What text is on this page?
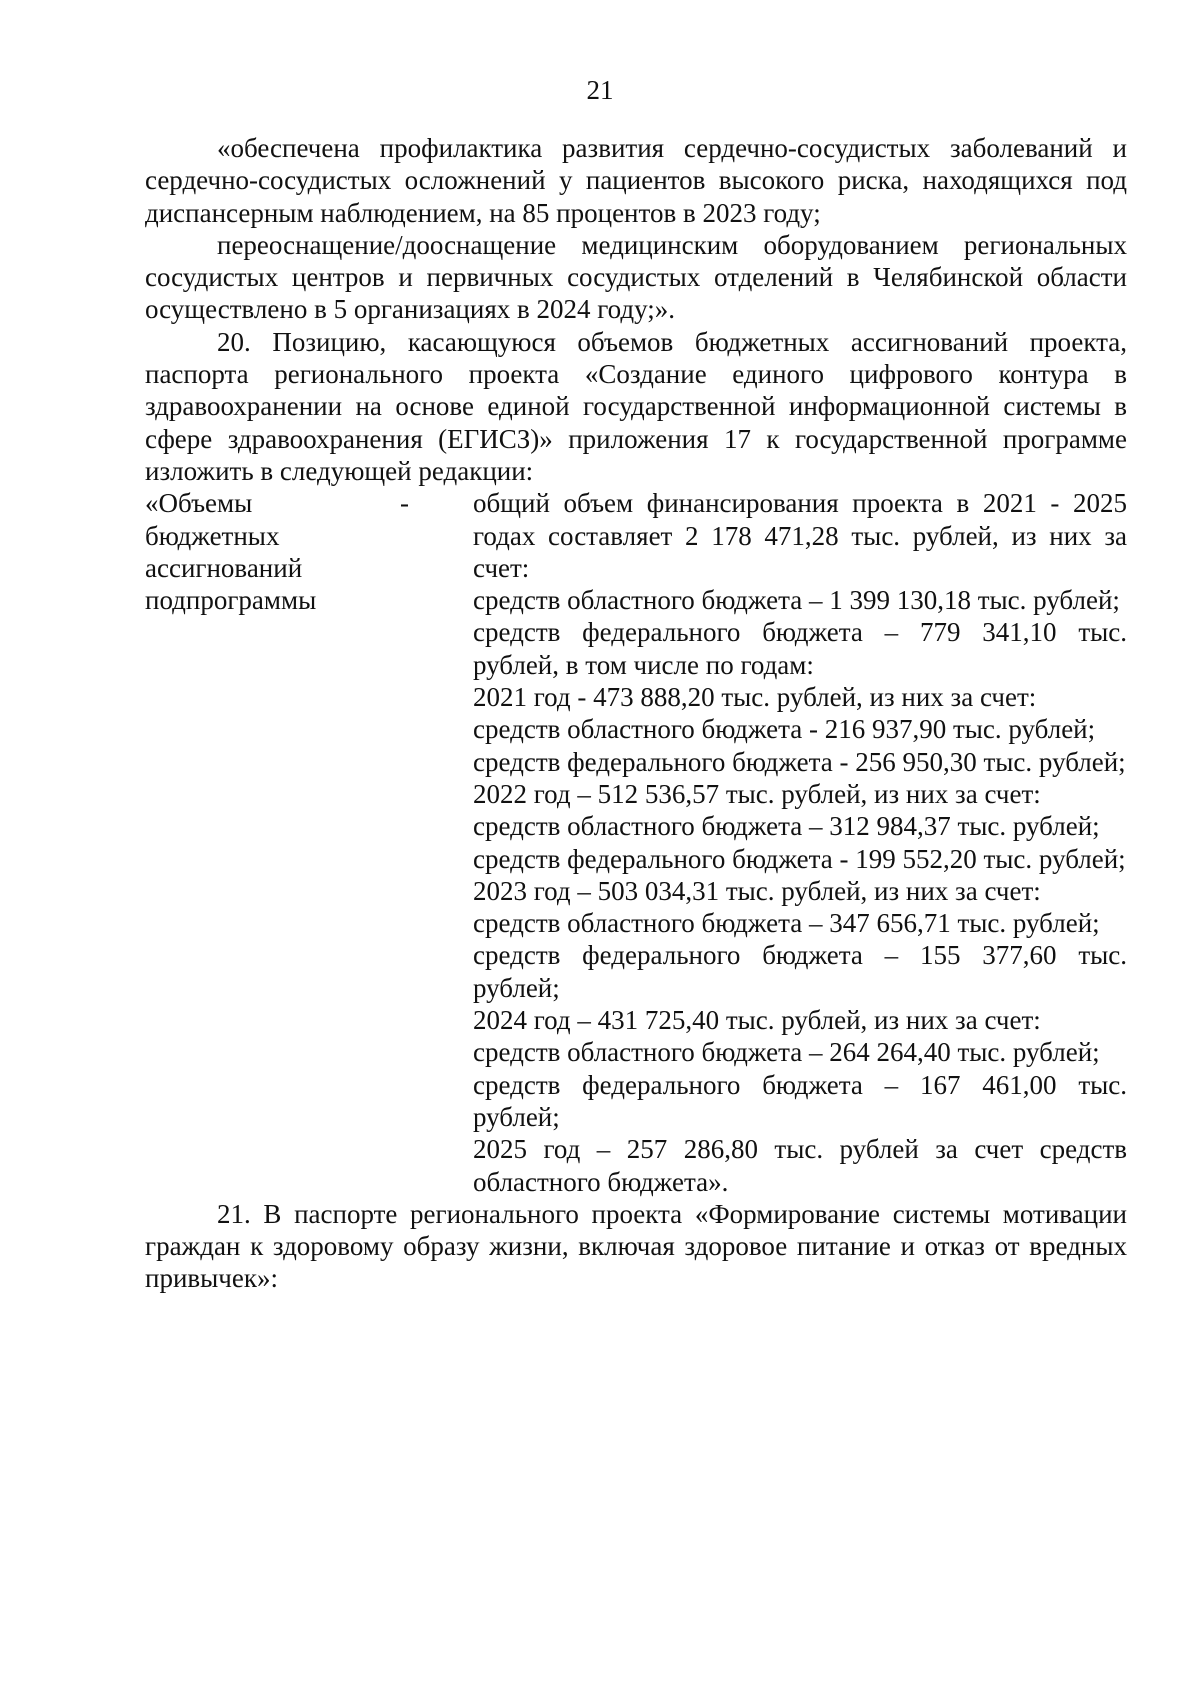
21

«обеспечена профилактика развития сердечно-сосудистых заболеваний и сердечно-сосудистых осложнений у пациентов высокого риска, находящихся под диспансерным наблюдением, на 85 процентов в 2023 году;

переоснащение/дооснащение медицинским оборудованием региональных сосудистых центров и первичных сосудистых отделений в Челябинской области осуществлено в 5 организациях в 2024 году;».

20. Позицию, касающуюся объемов бюджетных ассигнований проекта, паспорта регионального проекта «Создание единого цифрового контура в здравоохранении на основе единой государственной информационной системы в сфере здравоохранения (ЕГИСЗ)» приложения 17 к государственной программе изложить в следующей редакции:

«Объемы
бюджетных
ассигнований
подпрограммы
-	общий объем финансирования проекта в 2021 - 2025 годах составляет 2 178 471,28 тыс. рублей, из них за счет:

средств областного бюджета – 1 399 130,18 тыс. рублей;

средств федерального бюджета – 779 341,10 тыс. рублей, в том числе по годам:

2021 год - 473 888,20 тыс. рублей, из них за счет:

средств областного бюджета - 216 937,90 тыс. рублей;

средств федерального бюджета - 256 950,30 тыс. рублей;

2022 год – 512 536,57 тыс. рублей, из них за счет:

средств областного бюджета – 312 984,37 тыс. рублей;

средств федерального бюджета - 199 552,20 тыс. рублей;

2023 год – 503 034,31 тыс. рублей, из них за счет:

средств областного бюджета – 347 656,71 тыс. рублей;

средств федерального бюджета – 155 377,60 тыс. рублей;

2024 год – 431 725,40 тыс. рублей, из них за счет:

средств областного бюджета – 264 264,40 тыс. рублей;

средств федерального бюджета – 167 461,00 тыс. рублей;

2025 год – 257 286,80 тыс. рублей за счет средств областного бюджета».

21. В паспорте регионального проекта «Формирование системы мотивации граждан к здоровому образу жизни, включая здоровое питание и отказ от вредных привычек»:
